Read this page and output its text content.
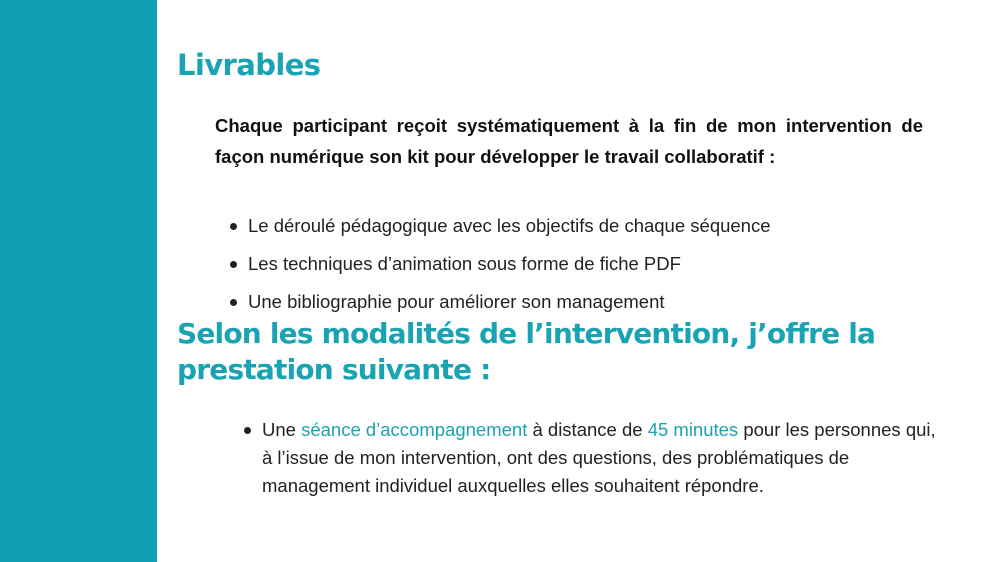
Livrables

Chaque participant reçoit systématiquement à la fin de mon intervention de façon numérique son kit pour développer le travail collaboratif :

Le déroulé pédagogique avec les objectifs de chaque séquence
Les techniques d’animation sous forme de fiche PDF
Une bibliographie pour améliorer son management
Selon les modalités de l’intervention, j’offre la prestation suivante :
Une séance d’accompagnement à distance de 45 minutes pour les personnes qui, à l’issue de mon intervention, ont des questions, des problématiques de management individuel auxquelles elles souhaitent répondre.
